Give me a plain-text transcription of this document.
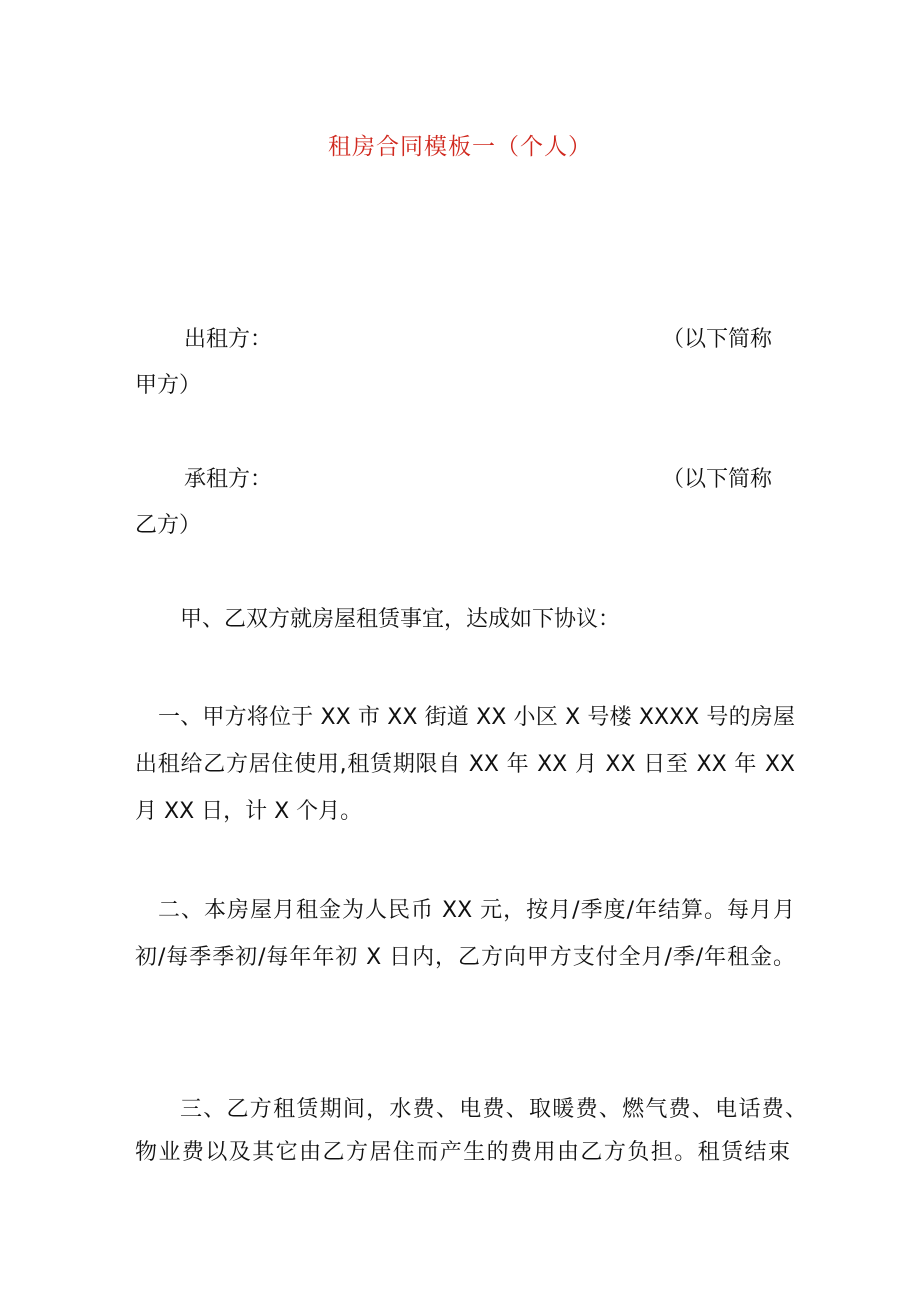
租房合同模板一（个人）
出租方：	（以下简称
甲方）
承租方：	（以下简称
乙方）
甲、乙双方就房屋租赁事宜，达成如下协议：
一、甲方将位于 XX 市 XX 街道 XX 小区 X 号楼 XXXX 号的房屋
出租给乙方居住使用,租赁期限自 XX 年 XX 月 XX 日至 XX 年 XX
月 XX 日，计 X 个月。
二、本房屋月租金为人民币 XX 元，按月/季度/年结算。每月月
初/每季季初/每年年初 X 日内，乙方向甲方支付全月/季/年租金。
三、乙方租赁期间，水费、电费、取暖费、燃气费、电话费、
物业费以及其它由乙方居住而产生的费用由乙方负担。租赁结束
